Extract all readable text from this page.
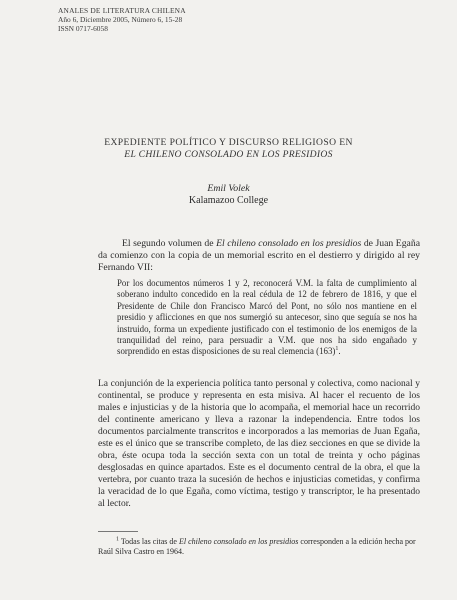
ANALES DE LITERATURA CHILENA
Año 6, Diciembre 2005, Número 6, 15-28
ISSN 0717-6058
EXPEDIENTE POLÍTICO Y DISCURSO RELIGIOSO EN
EL CHILENO CONSOLADO EN LOS PRESIDIOS
Emil Volek
Kalamazoo College

El segundo volumen de El chileno consolado en los presidios de Juan Egaña da comienzo con la copia de un memorial escrito en el destierro y dirigido al rey Fernando VII:

Por los documentos números 1 y 2, reconocerá V.M. la falta de cumplimiento al soberano indulto concedido en la real cédula de 12 de febrero de 1816, y que el Presidente de Chile don Francisco Marcó del Pont, no sólo nos mantiene en el presidio y aflicciones en que nos sumergió su antecesor, sino que seguía se nos ha instruido, forma un expediente justificado con el testimonio de los enemigos de la tranquilidad del reino, para persuadir a V.M. que nos ha sido engañado y sorprendido en estas disposiciones de su real clemencia $(163)^1$.

La conjunción de la experiencia política tanto personal y colectiva, como nacional y continental, se produce y representa en esta misiva. Al hacer el recuento de los males e injusticias y de la historia que lo acompaña, el memorial hace un recorrido del continente americano y lleva a razonar la independencia. Entre todos los documentos parcialmente transcritos e incorporados a las memorias de Juan Egaña, este es el único que se transcribe completo, de las diez secciones en que se divide la obra, éste ocupa toda la sección sexta con un total de treinta y ocho páginas desglosadas en quince apartados. Este es el documento central de la obra, el que la vertebra, por cuanto traza la sucesión de hechos e injusticias cometidas, y confirma la veracidad de lo que Egaña, como víctima, testigo y transcriptor, le ha presentado al lector.

$^1$ Todas las citas de El chileno consolado en los presidios corresponden a la edición hecha por Raúl Silva Castro en 1964.
